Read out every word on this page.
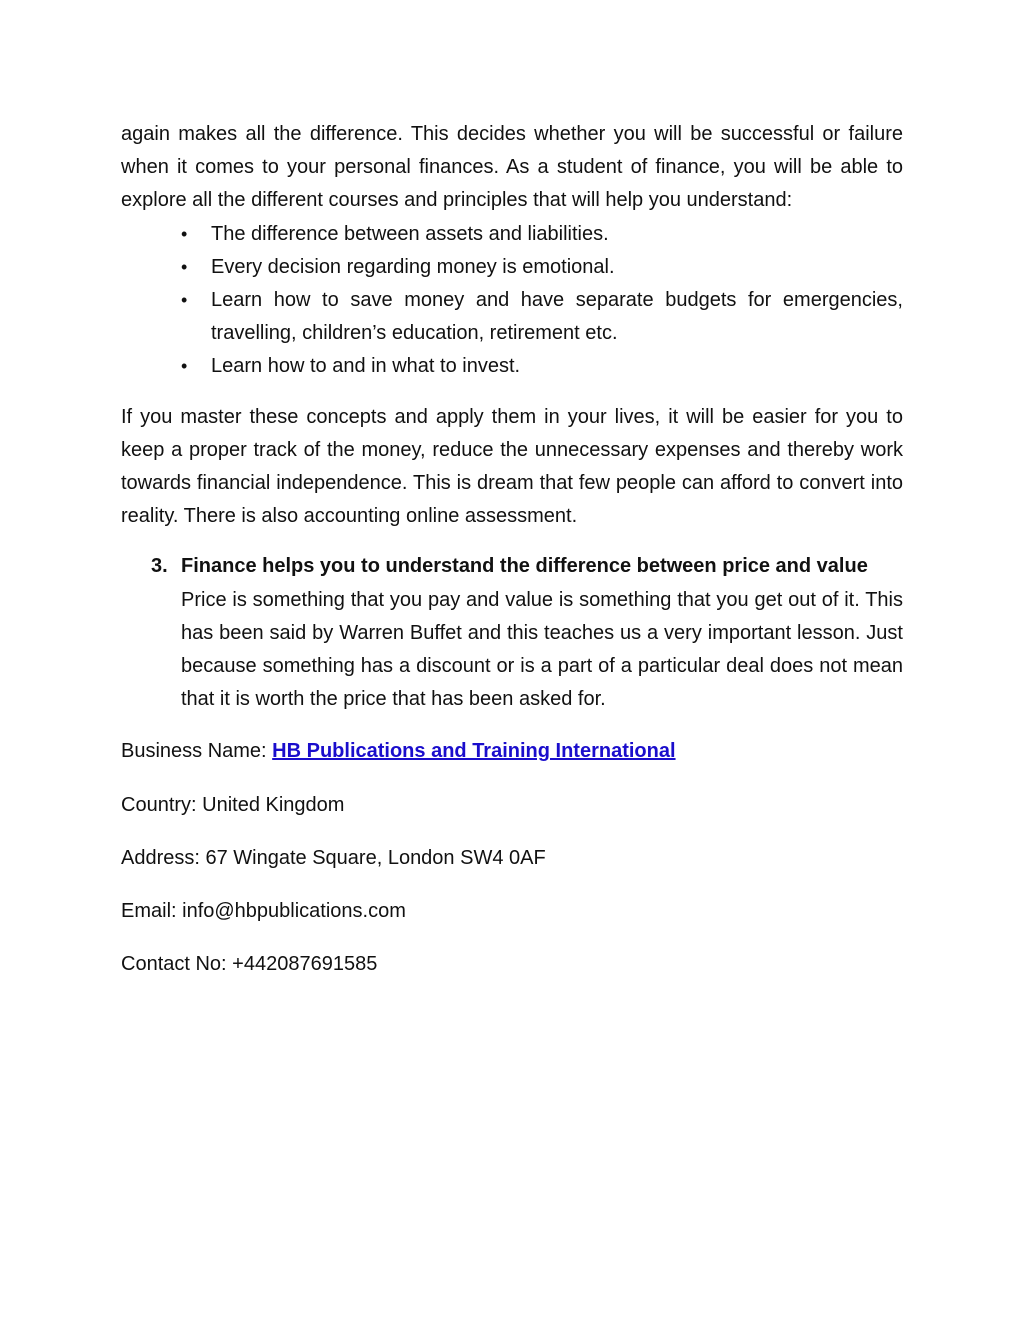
again makes all the difference. This decides whether you will be successful or failure when it comes to your personal finances. As a student of finance, you will be able to explore all the different courses and principles that will help you understand:

• The difference between assets and liabilities.
• Every decision regarding money is emotional.
• Learn how to save money and have separate budgets for emergencies, travelling, children’s education, retirement etc.
• Learn how to and in what to invest.

If you master these concepts and apply them in your lives, it will be easier for you to keep a proper track of the money, reduce the unnecessary expenses and thereby work towards financial independence. This is dream that few people can afford to convert into reality. There is also accounting online assessment.

3. Finance helps you to understand the difference between price and value

Price is something that you pay and value is something that you get out of it. This has been said by Warren Buffet and this teaches us a very important lesson. Just because something has a discount or is a part of a particular deal does not mean that it is worth the price that has been asked for.

Business Name: HB Publications and Training International

Country: United Kingdom

Address: 67 Wingate Square, London SW4 0AF

Email: info@hbpublications.com

Contact No: +442087691585
